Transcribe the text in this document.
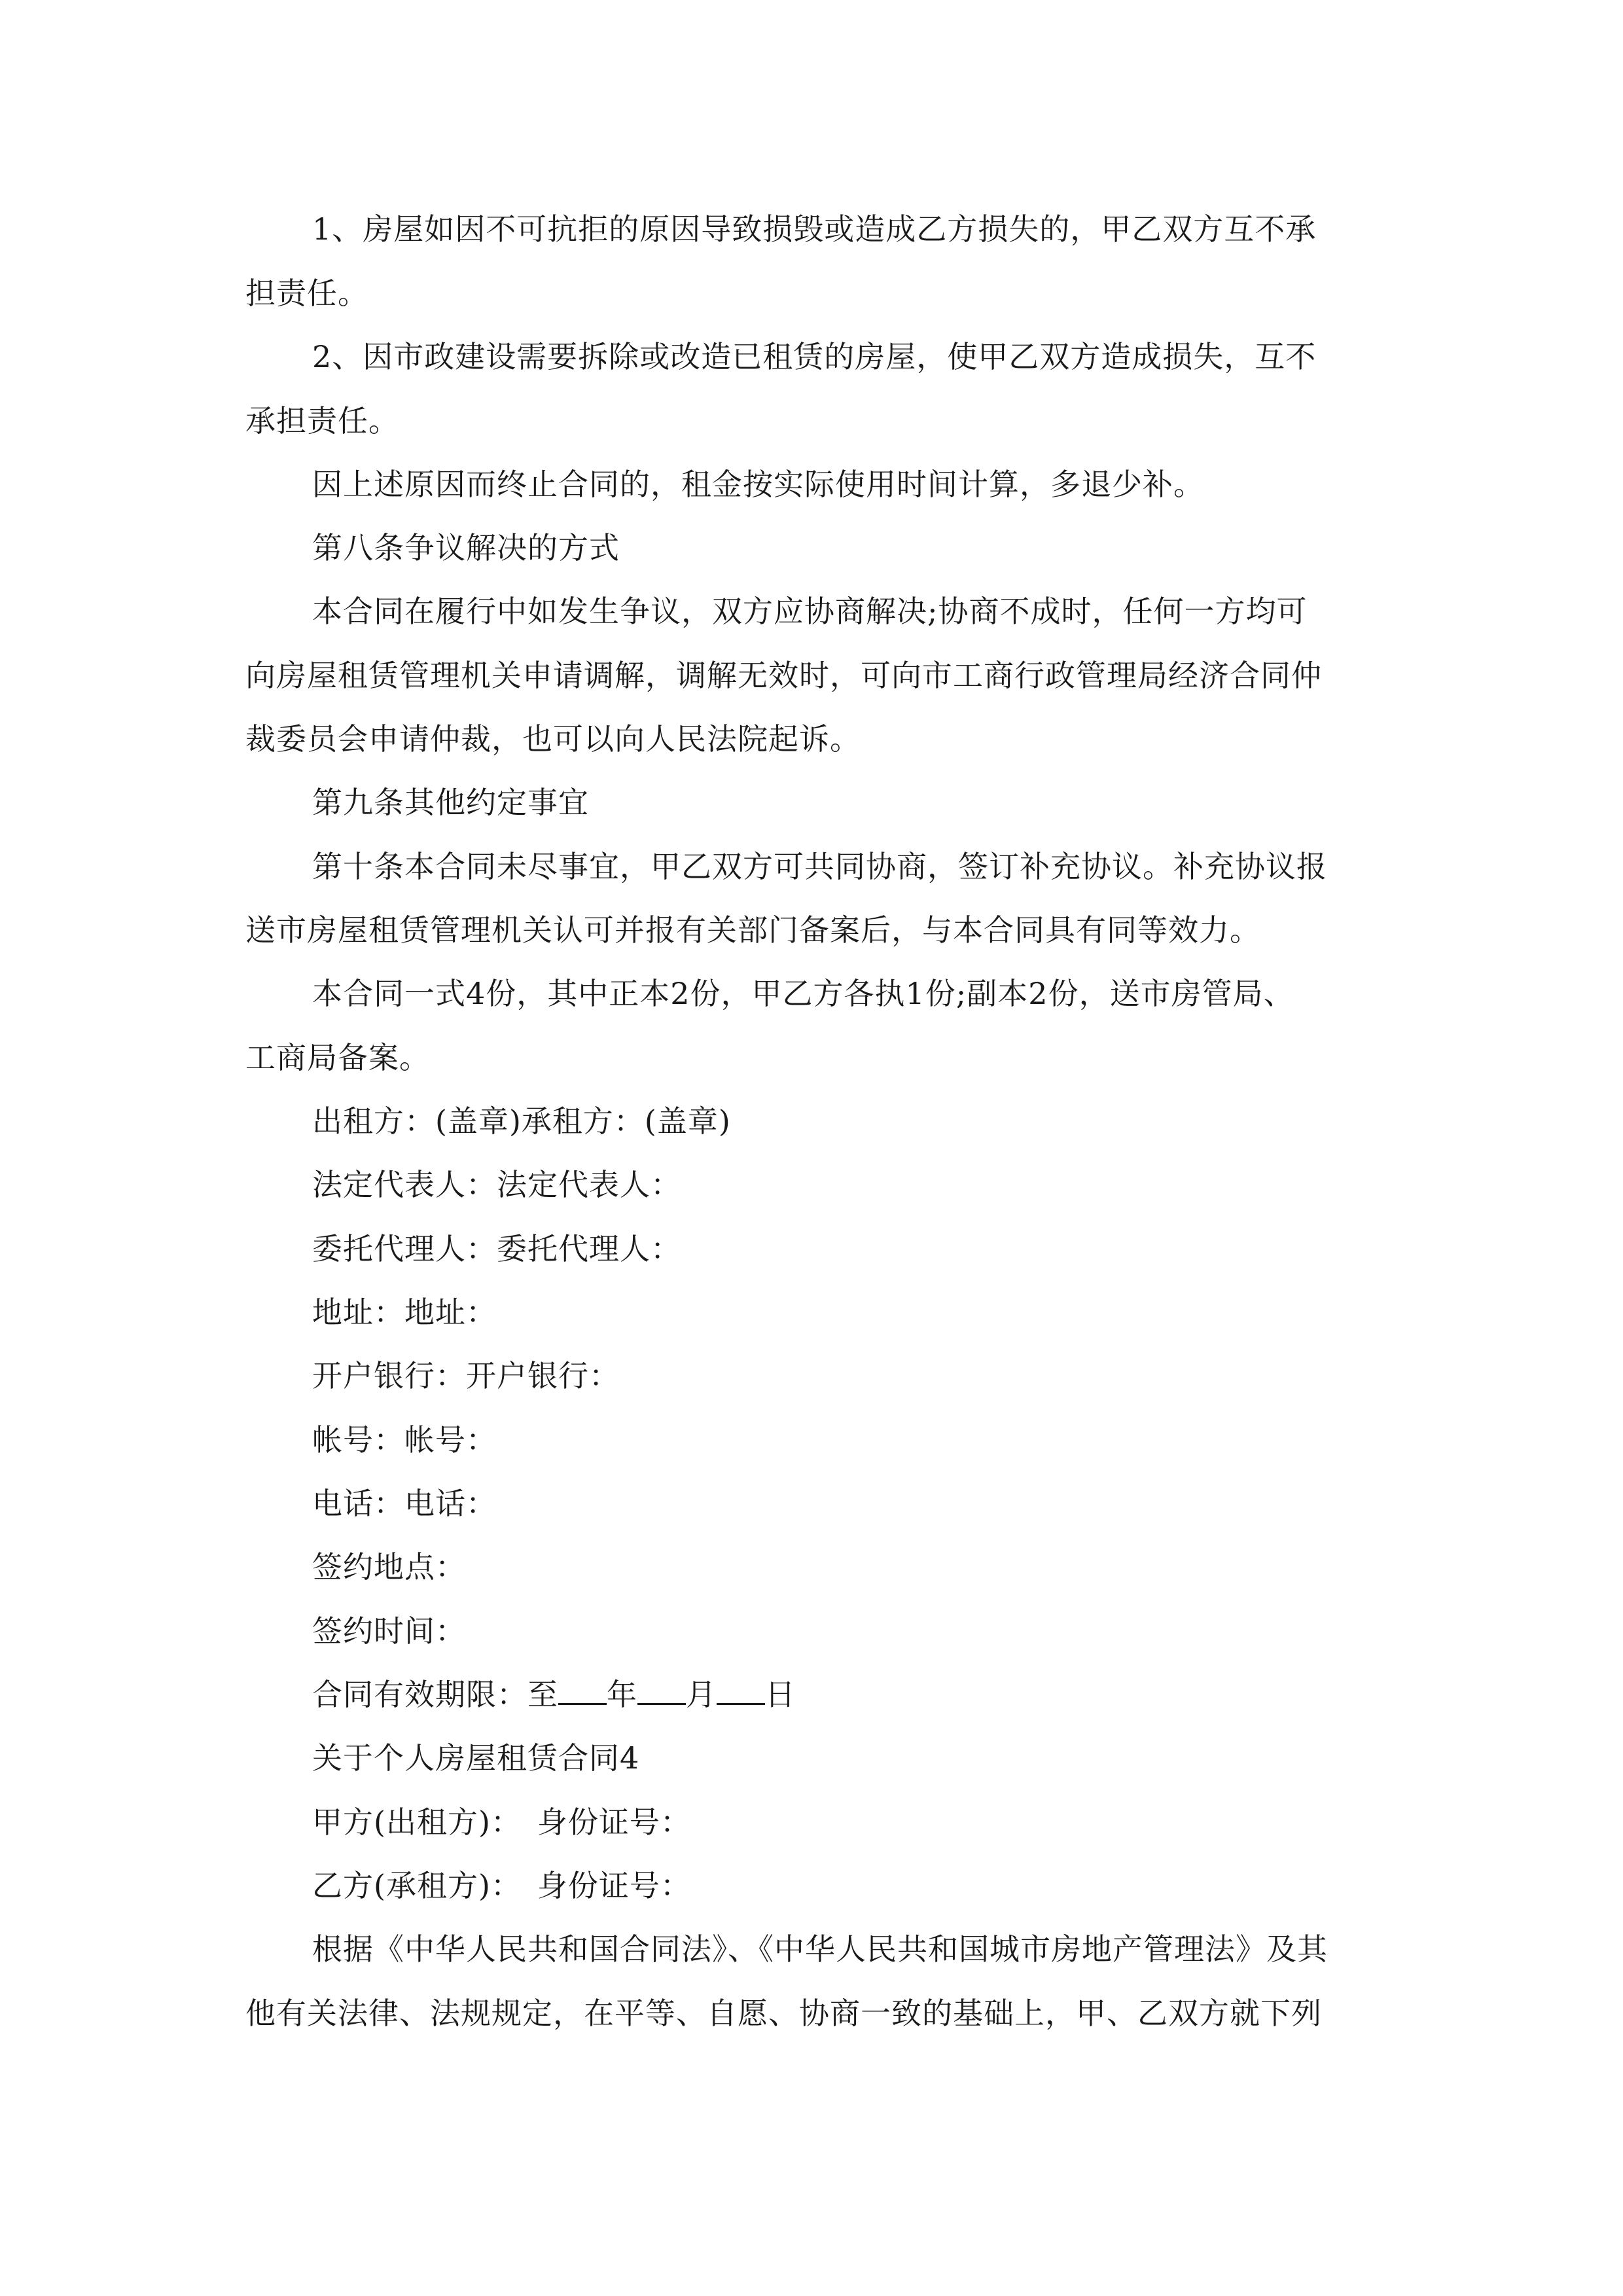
1、房屋如因不可抗拒的原因导致损毁或造成乙方损失的，甲乙双方互不承
担责任。
2、因市政建设需要拆除或改造已租赁的房屋，使甲乙双方造成损失，互不
承担责任。
因上述原因而终止合同的，租金按实际使用时间计算，多退少补。
第八条争议解决的方式
本合同在履行中如发生争议，双方应协商解决;协商不成时，任何一方均可
向房屋租赁管理机关申请调解，调解无效时，可向市工商行政管理局经济合同仲
裁委员会申请仲裁，也可以向人民法院起诉。
第九条其他约定事宜
第十条本合同未尽事宜，甲乙双方可共同协商，签订补充协议。补充协议报
送市房屋租赁管理机关认可并报有关部门备案后，与本合同具有同等效力。
本合同一式4份，其中正本2份，甲乙方各执1份;副本2份，送市房管局、
工商局备案。
出租方：(盖章)承租方：(盖章)
法定代表人：法定代表人：
委托代理人：委托代理人：
地址：地址：
开户银行：开户银行：
帐号：帐号：
电话：电话：
签约地点：
签约时间：
合同有效期限：至 年 月 日
关于个人房屋租赁合同4
甲方(出租方)：　身份证号：
乙方(承租方)：　身份证号：
根据《中华人民共和国合同法》、《中华人民共和国城市房地产管理法》及其
他有关法律、法规规定，在平等、自愿、协商一致的基础上，甲、乙双方就下列
